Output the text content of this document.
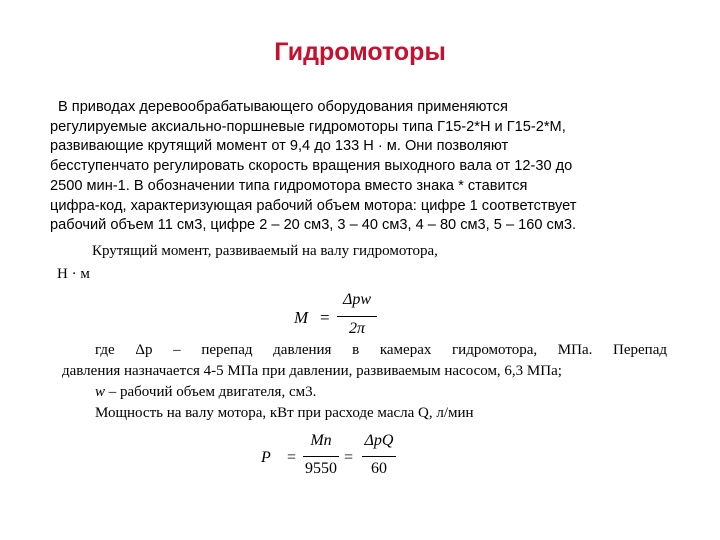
Гидромоторы
В приводах деревообрабатывающего оборудования применяются
регулируемые аксиально-поршневые гидромоторы типа Г15-2*Н и Г15-2*М,
развивающие крутящий момент от 9,4 до 133 Н · м. Они позволяют
бесступенчато регулировать скорость вращения выходного вала от 12-30 до
2500 мин-1. В обозначении типа гидромотора вместо знака * ставится
цифра-код, характеризующая рабочий объем мотора: цифре 1 соответствует
рабочий объем 11 см3, цифре 2 – 20 см3, 3 – 40 см3, 4 – 80 см3, 5 – 160 см3.
Крутящий момент, развиваемый на валу гидромотора,
Н · м
M =
Δpw
2π

где Δp – перепад давления в камерах гидромотора, МПа. Перепад

давления назначается 4-5 МПа при давлении, развиваемым насосом, 6,3 МПа;

w – рабочий объем двигателя, см3.

Мощность на валу мотора, кВт при расходе масла Q, л/мин

P =
Mn
9550
=
ΔpQ
60
